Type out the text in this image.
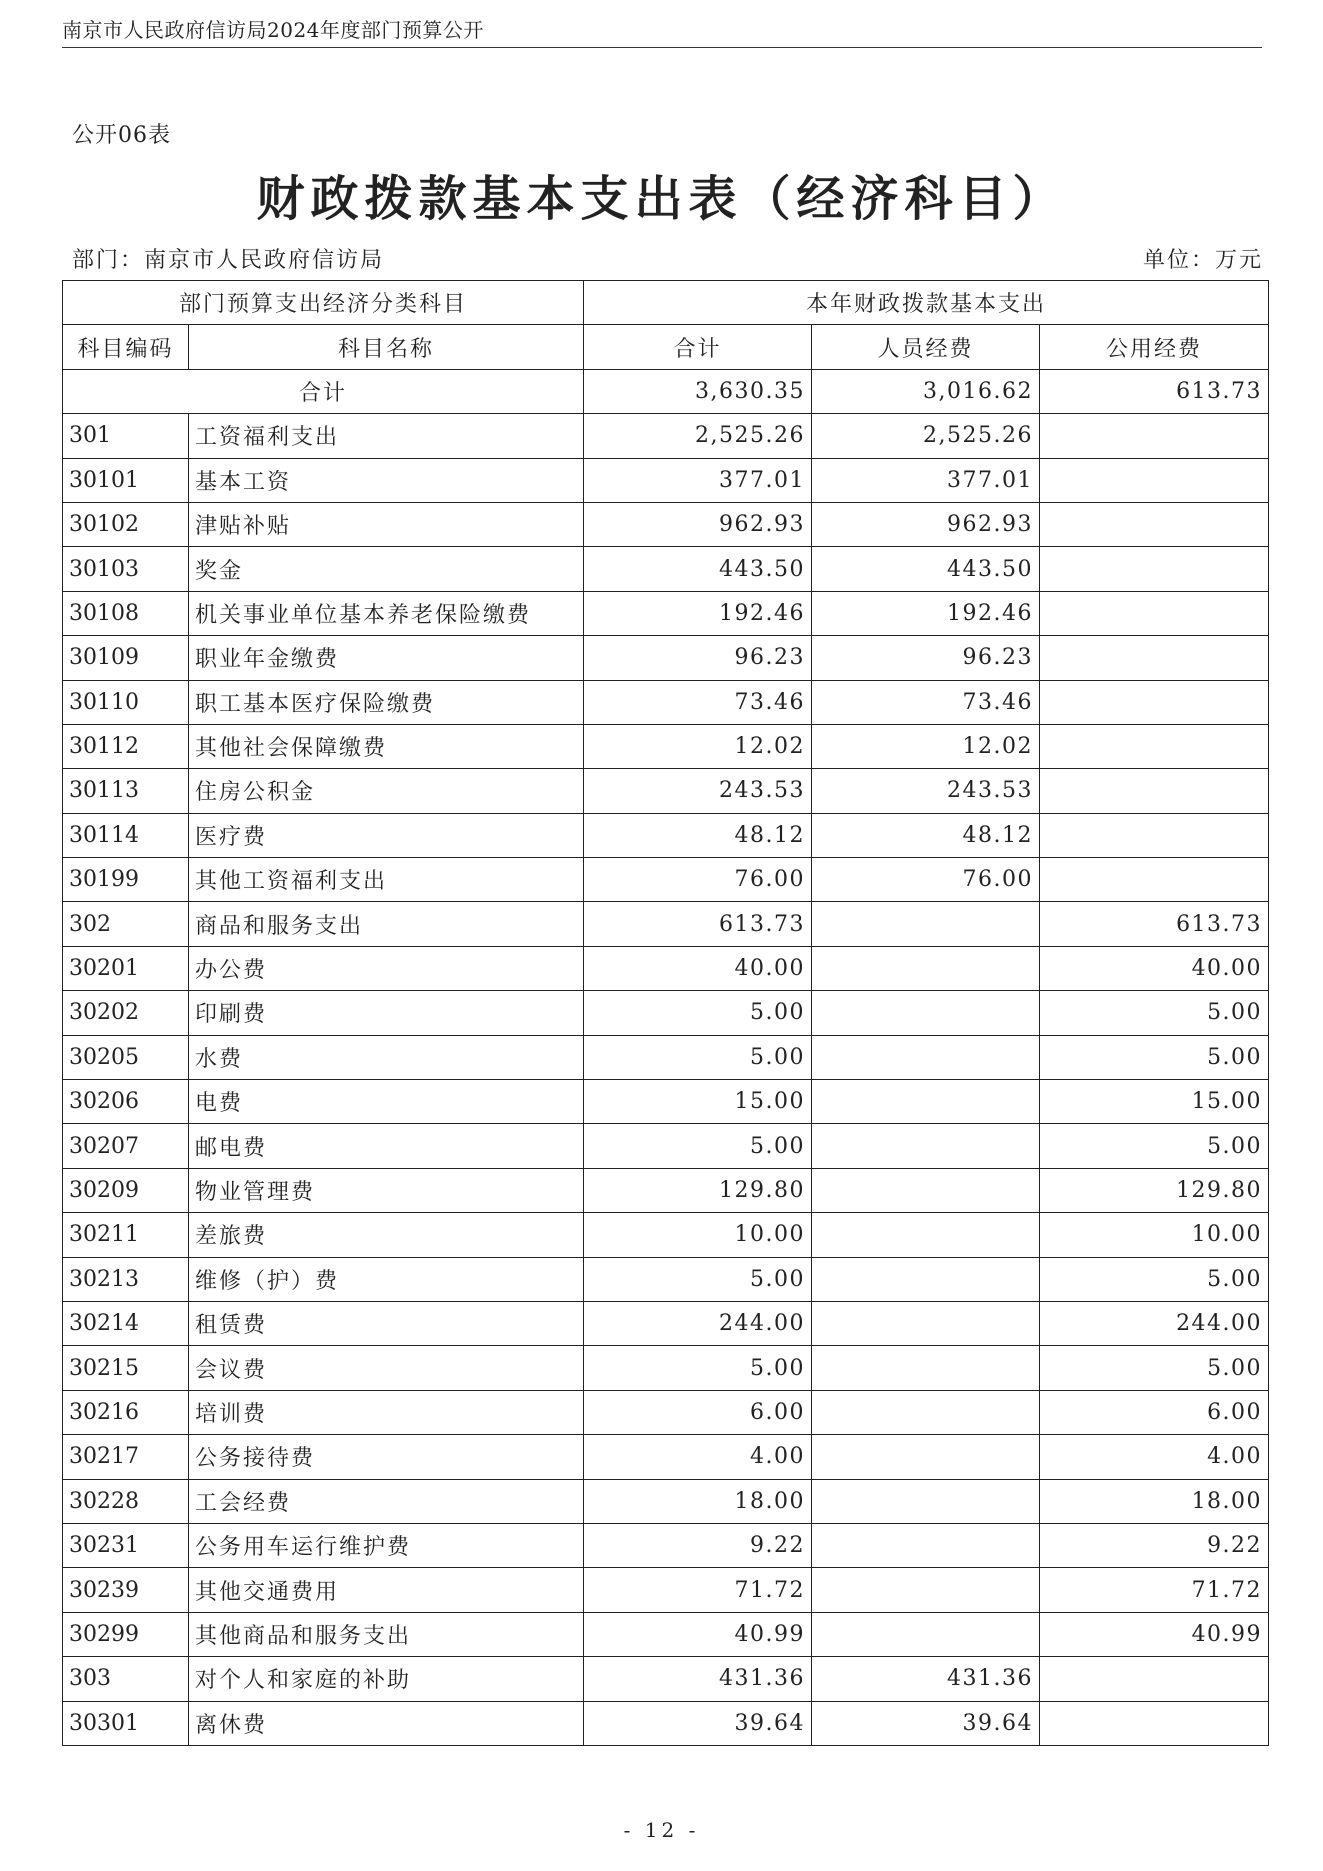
南京市人民政府信访局2024年度部门预算公开
公开06表
财政拨款基本支出表（经济科目）
部门：南京市人民政府信访局	单位：万元
部门预算支出经济分类科目		本年财政拨款基本支出		
科目编码	科目名称	合计	人员经费	公用经费
合计		3,630.35	3,016.62	613.73
301	工资福利支出	2,525.26	2,525.26	
30101	基本工资	377.01	377.01	
30102	津贴补贴	962.93	962.93	
30103	奖金	443.50	443.50	
30108	机关事业单位基本养老保险缴费	192.46	192.46	
30109	职业年金缴费	96.23	96.23	
30110	职工基本医疗保险缴费	73.46	73.46	
30112	其他社会保障缴费	12.02	12.02	
30113	住房公积金	243.53	243.53	
30114	医疗费	48.12	48.12	
30199	其他工资福利支出	76.00	76.00	
302	商品和服务支出	613.73		613.73
30201	办公费	40.00		40.00
30202	印刷费	5.00		5.00
30205	水费	5.00		5.00
30206	电费	15.00		15.00
30207	邮电费	5.00		5.00
30209	物业管理费	129.80		129.80
30211	差旅费	10.00		10.00
30213	维修（护）费	5.00		5.00
30214	租赁费	244.00		244.00
30215	会议费	5.00		5.00
30216	培训费	6.00		6.00
30217	公务接待费	4.00		4.00
30228	工会经费	18.00		18.00
30231	公务用车运行维护费	9.22		9.22
30239	其他交通费用	71.72		71.72
30299	其他商品和服务支出	40.99		40.99
303	对个人和家庭的补助	431.36	431.36	
30301	离休费	39.64	39.64	
- 12 -
